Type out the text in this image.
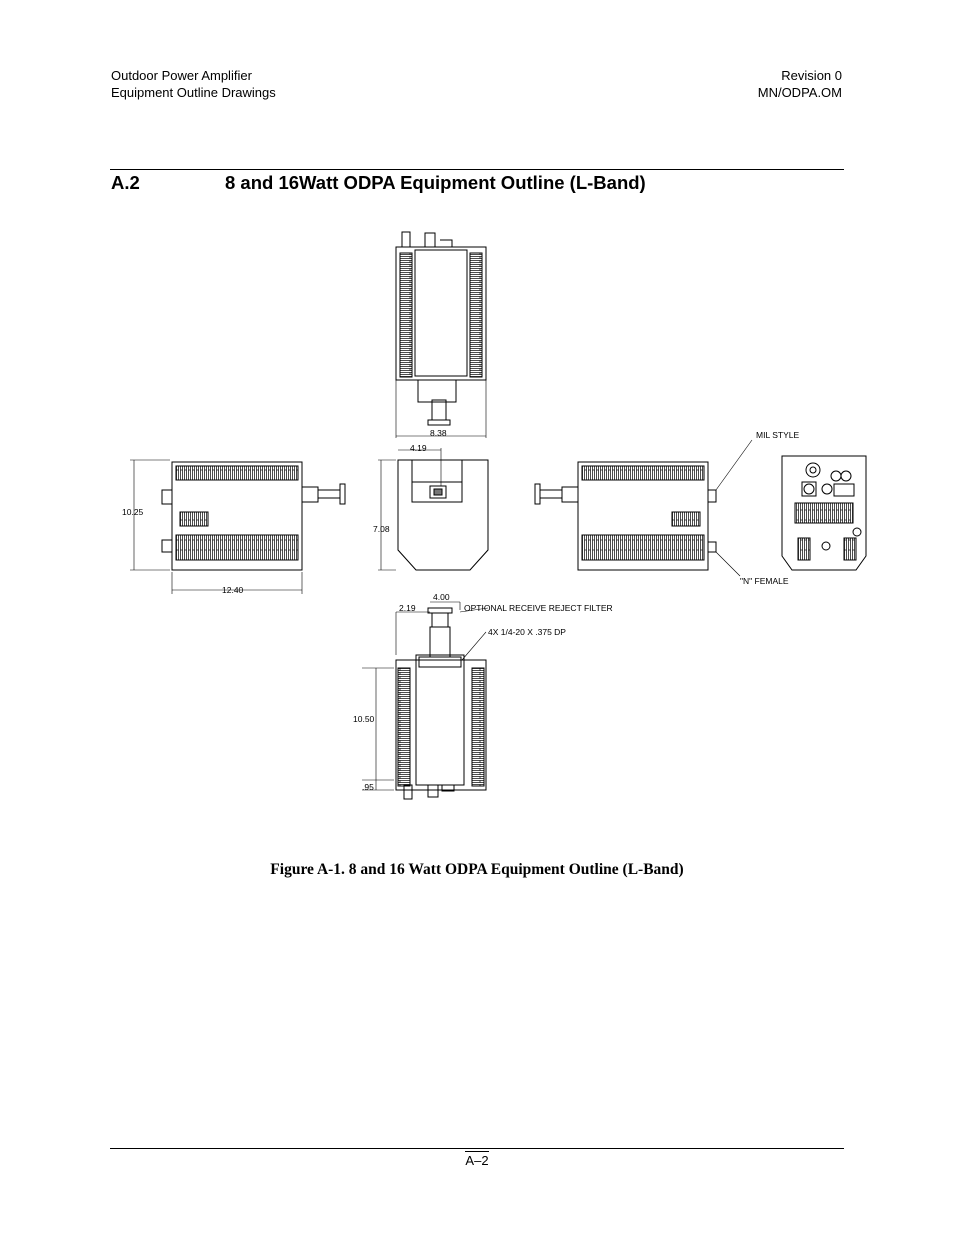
Outdoor Power Amplifier
Equipment Outline Drawings
Revision 0
MN/ODPA.OM
A.2	8 and 16Watt ODPA Equipment Outline (L-Band)
8.38
4.19
10.25
12.40
7.08
2.19
4.00
10.50
.95
MIL STYLE
"N" FEMALE
OPTIONAL RECEIVE REJECT FILTER
4X 1/4-20 X .375 DP
Figure A-1. 8 and 16 Watt ODPA Equipment Outline (L-Band)
A–2
